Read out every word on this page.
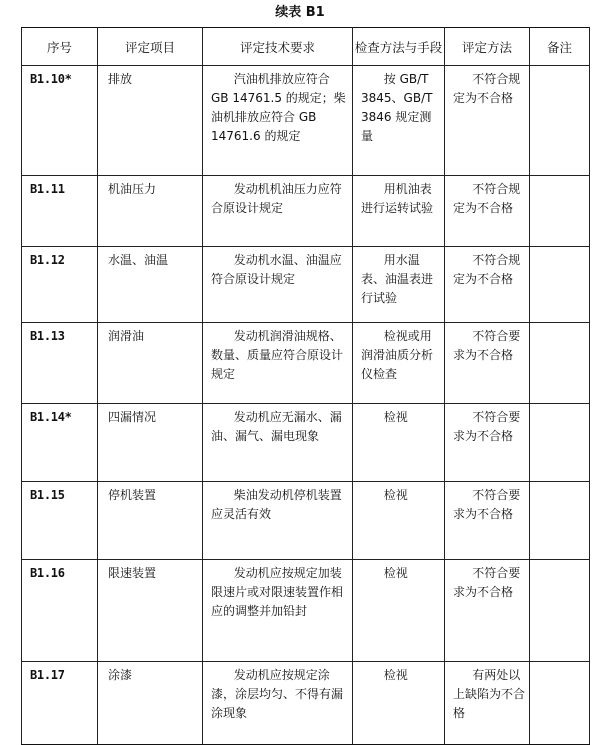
续表 B1
序号	评定项目	评定技术要求	检查方法与手段	评定方法	备注
B1.10*	排放	汽油机排放应符合 GB 14761.5 的规定；柴油机排放应符合 GB 14761.6 的规定	按 GB/T 3845、GB/T 3846 规定测量	不符合规定为不合格	
B1.11	机油压力	发动机机油压力应符合原设计规定	用机油表进行运转试验	不符合规定为不合格	
B1.12	水温、油温	发动机水温、油温应符合原设计规定	用水温表、油温表进行试验	不符合规定为不合格	
B1.13	润滑油	发动机润滑油规格、数量、质量应符合原设计规定	检视或用润滑油质分析仪检查	不符合要求为不合格	
B1.14*	四漏情况	发动机应无漏水、漏油、漏气、漏电现象	检视	不符合要求为不合格	
B1.15	停机装置	柴油发动机停机装置应灵活有效	检视	不符合要求为不合格	
B1.16	限速装置	发动机应按规定加装限速片或对限速装置作相应的调整并加铅封	检视	不符合要求为不合格	
B1.17	涂漆	发动机应按规定涂漆，涂层均匀、不得有漏涂现象	检视	有两处以上缺陷为不合格	
